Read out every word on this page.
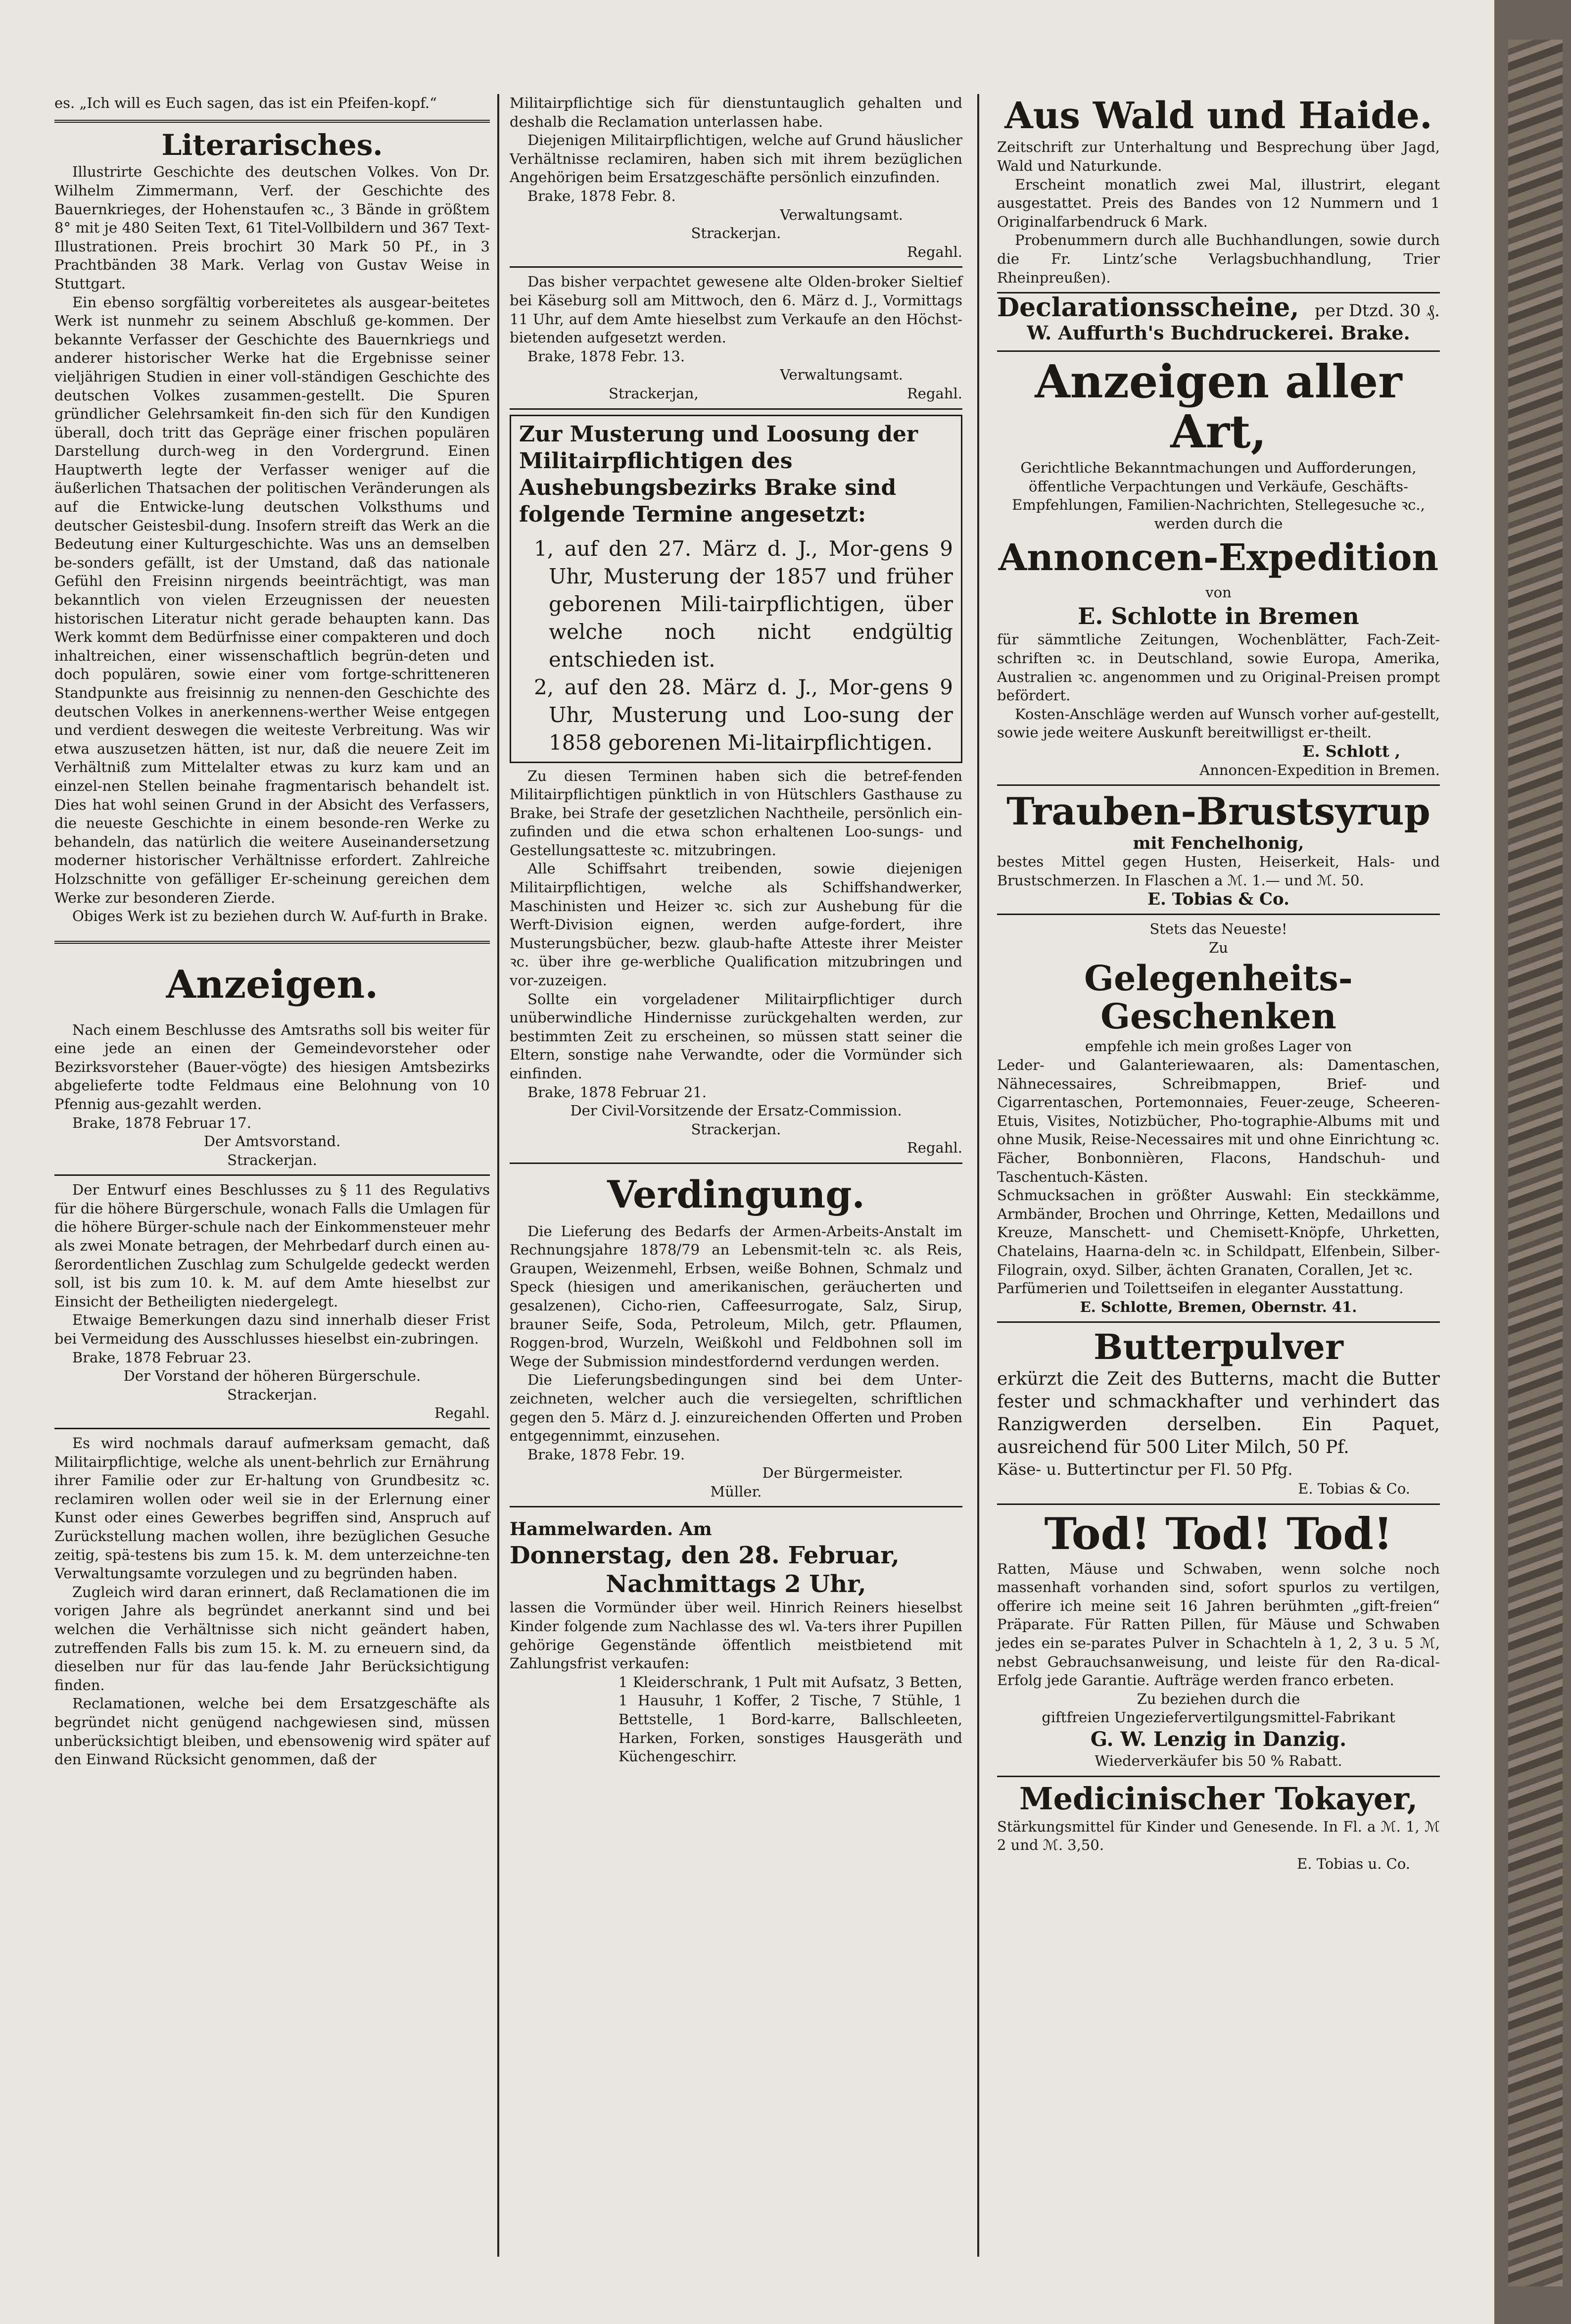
es. „Ich will es Euch sagen, das ist ein Pfeifen-kopf.“

Literarisches.

Illustrirte Geschichte des deutschen Volkes. Von Dr. Wilhelm Zimmermann, Verf. der Geschichte des Bauernkrieges, der Hohenstaufen ꝛc., 3 Bände in größtem 8° mit je 480 Seiten Text, 61 Titel-Vollbildern und 367 Text-Illustrationen. Preis brochirt 30 Mark 50 Pf., in 3 Prachtbänden 38 Mark. Verlag von Gustav Weise in Stuttgart.

Ein ebenso sorgfältig vorbereitetes als ausgear-beitetes Werk ist nunmehr zu seinem Abschluß ge-kommen. Der bekannte Verfasser der Geschichte des Bauernkriegs und anderer historischer Werke hat die Ergebnisse seiner vieljährigen Studien in einer voll-ständigen Geschichte des deutschen Volkes zusammen-gestellt. Die Spuren gründlicher Gelehrsamkeit fin-den sich für den Kundigen überall, doch tritt das Gepräge einer frischen populären Darstellung durch-weg in den Vordergrund. Einen Hauptwerth legte der Verfasser weniger auf die äußerlichen Thatsachen der politischen Veränderungen als auf die Entwicke-lung deutschen Volksthums und deutscher Geistesbil-dung. Insofern streift das Werk an die Bedeutung einer Kulturgeschichte. Was uns an demselben be-sonders gefällt, ist der Umstand, daß das nationale Gefühl den Freisinn nirgends beeinträchtigt, was man bekanntlich von vielen Erzeugnissen der neuesten historischen Literatur nicht gerade behaupten kann. Das Werk kommt dem Bedürfnisse einer compakteren und doch inhaltreichen, einer wissenschaftlich begrün-deten und doch populären, sowie einer vom fortge-schritteneren Standpunkte aus freisinnig zu nennen-den Geschichte des deutschen Volkes in anerkennens-werther Weise entgegen und verdient deswegen die weiteste Verbreitung. Was wir etwa auszusetzen hätten, ist nur, daß die neuere Zeit im Verhältniß zum Mittelalter etwas zu kurz kam und an einzel-nen Stellen beinahe fragmentarisch behandelt ist. Dies hat wohl seinen Grund in der Absicht des Verfassers, die neueste Geschichte in einem besonde-ren Werke zu behandeln, das natürlich die weitere Auseinandersetzung moderner historischer Verhältnisse erfordert. Zahlreiche Holzschnitte von gefälliger Er-scheinung gereichen dem Werke zur besonderen Zierde.

Obiges Werk ist zu beziehen durch W. Auf-furth in Brake.

Anzeigen.

Nach einem Beschlusse des Amtsraths soll bis weiter für eine jede an einen der Gemeindevorsteher oder Bezirksvorsteher (Bauer-vögte) des hiesigen Amtsbezirks abgelieferte todte Feldmaus eine Belohnung von 10 Pfennig aus-gezahlt werden.

Brake, 1878 Februar 17.

Der Amtsvorstand.

Strackerjan.

Der Entwurf eines Beschlusses zu § 11 des Regulativs für die höhere Bürgerschule, wonach Falls die Umlagen für die höhere Bürger-schule nach der Einkommensteuer mehr als zwei Monate betragen, der Mehrbedarf durch einen au-ßerordentlichen Zuschlag zum Schulgelde gedeckt werden soll, ist bis zum 10. k. M. auf dem Amte hieselbst zur Einsicht der Betheiligten niedergelegt.

Etwaige Bemerkungen dazu sind innerhalb dieser Frist bei Vermeidung des Ausschlusses hieselbst ein-zubringen.

Brake, 1878 Februar 23.

Der Vorstand der höheren Bürgerschule.

Strackerjan.

Regahl.

Es wird nochmals darauf aufmerksam gemacht, daß Militairpflichtige, welche als unent-behrlich zur Ernährung ihrer Familie oder zur Er-haltung von Grundbesitz ꝛc. reclamiren wollen oder weil sie in der Erlernung einer Kunst oder eines Gewerbes begriffen sind, Anspruch auf Zurückstellung machen wollen, ihre bezüglichen Gesuche zeitig, spä-testens bis zum 15. k. M. dem unterzeichne-ten Verwaltungsamte vorzulegen und zu begründen haben.

Zugleich wird daran erinnert, daß Reclamationen die im vorigen Jahre als begründet anerkannt sind und bei welchen die Verhältnisse sich nicht geändert haben, zutreffenden Falls bis zum 15. k. M. zu erneuern sind, da dieselben nur für das lau-fende Jahr Berücksichtigung finden.

Reclamationen, welche bei dem Ersatzgeschäfte als begründet nicht genügend nachgewiesen sind, müssen unberücksichtigt bleiben, und ebensowenig wird später auf den Einwand Rücksicht genommen, daß der

Militairpflichtige sich für dienstuntauglich gehalten und deshalb die Reclamation unterlassen habe.

Diejenigen Militairpflichtigen, welche auf Grund häuslicher Verhältnisse reclamiren, haben sich mit ihrem bezüglichen Angehörigen beim Ersatzgeschäfte persönlich einzufinden.

Brake, 1878 Febr. 8.

Verwaltungsamt.

Strackerjan.

Regahl.

Das bisher verpachtet gewesene alte Olden-broker Sieltief bei Käseburg soll am Mittwoch, den 6. März d. J., Vormittags 11 Uhr, auf dem Amte hieselbst zum Verkaufe an den Höchst-bietenden aufgesetzt werden.

Brake, 1878 Febr. 13.

Verwaltungsamt.

Strackerjan,	Regahl.

Zur Musterung und Loosung der Militairpflichtigen des Aushebungsbezirks Brake sind folgende Termine angesetzt:

1, auf den 27. März d. J., Mor-gens 9 Uhr, Musterung der 1857 und früher geborenen Mili-tairpflichtigen, über welche noch nicht endgültig entschieden ist.

2, auf den 28. März d. J., Mor-gens 9 Uhr, Musterung und Loo-sung der 1858 geborenen Mi-litairpflichtigen.

Zu diesen Terminen haben sich die betref-fenden Militairpflichtigen pünktlich in von Hütschlers Gasthause zu Brake, bei Strafe der gesetzlichen Nachtheile, persönlich ein-zufinden und die etwa schon erhaltenen Loo-sungs- und Gestellungsatteste ꝛc. mitzubringen.

Alle Schiffsahrt treibenden, sowie diejenigen Militairpflichtigen, welche als Schiffshandwerker, Maschinisten und Heizer ꝛc. sich zur Aushebung für die Werft-Division eignen, werden aufge-fordert, ihre Musterungsbücher, bezw. glaub-hafte Atteste ihrer Meister ꝛc. über ihre ge-werbliche Qualification mitzubringen und vor-zuzeigen.

Sollte ein vorgeladener Militairpflichtiger durch unüberwindliche Hindernisse zurückgehalten werden, zur bestimmten Zeit zu erscheinen, so müssen statt seiner die Eltern, sonstige nahe Verwandte, oder die Vormünder sich einfinden.

Brake, 1878 Februar 21.

Der Civil-Vorsitzende der Ersatz-Commission.

Strackerjan.

Regahl.

Verdingung.

Die Lieferung des Bedarfs der Armen-Arbeits-Anstalt im Rechnungsjahre 1878/79 an Lebensmit-teln ꝛc. als Reis, Graupen, Weizenmehl, Erbsen, weiße Bohnen, Schmalz und Speck (hiesigen und amerikanischen, geräucherten und gesalzenen), Cicho-rien, Caffeesurrogate, Salz, Sirup, brauner Seife, Soda, Petroleum, Milch, getr. Pflaumen, Roggen-brod, Wurzeln, Weißkohl und Feldbohnen soll im Wege der Submission mindestfordernd verdungen werden.

Die Lieferungsbedingungen sind bei dem Unter-zeichneten, welcher auch die versiegelten, schriftlichen gegen den 5. März d. J. einzureichenden Offerten und Proben entgegennimmt, einzusehen.

Brake, 1878 Febr. 19.

Der Bürgermeister.

Müller.

Hammelwarden. Am

Donnerstag, den 28. Februar,

Nachmittags 2 Uhr,

lassen die Vormünder über weil. Hinrich Reiners hieselbst Kinder folgende zum Nachlasse des wl. Va-ters ihrer Pupillen gehörige Gegenstände öffentlich meistbietend mit Zahlungsfrist verkaufen:

1 Kleiderschrank, 1 Pult mit Aufsatz, 3 Betten, 1 Hausuhr, 1 Koffer, 2 Tische, 7 Stühle, 1 Bettstelle, 1 Bord-karre, Ballschleeten, Harken, Forken, sonstiges Hausgeräth und Küchengeschirr.

Aus Wald und Haide.

Zeitschrift zur Unterhaltung und Besprechung über Jagd, Wald und Naturkunde.

Erscheint monatlich zwei Mal, illustrirt, elegant ausgestattet. Preis des Bandes von 12 Nummern und 1 Originalfarbendruck 6 Mark.

Probenummern durch alle Buchhandlungen, sowie durch die Fr. Lintz’sche Verlagsbuchhandlung, Trier Rheinpreußen).

Declarationsscheine, per Dtzd. 30 ₰.

W. Auffurth's Buchdruckerei. Brake.

Anzeigen aller Art,

Gerichtliche Bekanntmachungen und Aufforderungen, öffentliche Verpachtungen und Verkäufe, Geschäfts-Empfehlungen, Familien-Nachrichten, Stellegesuche ꝛc., werden durch die

Annoncen-Expedition

von

E. Schlotte in Bremen

für sämmtliche Zeitungen, Wochenblätter, Fach-Zeit-schriften ꝛc. in Deutschland, sowie Europa, Amerika, Australien ꝛc. angenommen und zu Original-Preisen prompt befördert.

Kosten-Anschläge werden auf Wunsch vorher auf-gestellt, sowie jede weitere Auskunft bereitwilligst er-theilt.

E. Schlott ,

Annoncen-Expedition in Bremen.

Trauben-Brustsyrup

mit Fenchelhonig,

bestes Mittel gegen Husten, Heiserkeit, Hals- und Brustschmerzen. In Flaschen a ℳ. 1.— und ℳ. 50.

E. Tobias & Co.

Stets das Neueste!

Zu

Gelegenheits-Geschenken

empfehle ich mein großes Lager von

Leder- und Galanteriewaaren, als: Damentaschen, Nähnecessaires, Schreibmappen, Brief- und Cigarrentaschen, Portemonnaies, Feuer-zeuge, Scheeren-Etuis, Visites, Notizbücher, Pho-tographie-Albums mit und ohne Musik, Reise-Necessaires mit und ohne Einrichtung ꝛc.

Fächer, Bonbonnièren, Flacons, Handschuh- und Taschentuch-Kästen.

Schmucksachen in größter Auswahl: Ein steckkämme, Armbänder, Brochen und Ohrringe, Ketten, Medaillons und Kreuze, Manschett- und Chemisett-Knöpfe, Uhrketten, Chatelains, Haarna-deln ꝛc. in Schildpatt, Elfenbein, Silber-Filograin, oxyd. Silber, ächten Granaten, Corallen, Jet ꝛc.

Parfümerien und Toilettseifen in eleganter Ausstattung.

E. Schlotte, Bremen, Obernstr. 41.

Butterpulver

erkürzt die Zeit des Butterns, macht die Butter fester und schmackhafter und verhindert das Ranzigwerden derselben. Ein Paquet, ausreichend für 500 Liter Milch, 50 Pf.

Käse- u. Buttertinctur per Fl. 50 Pfg.

E. Tobias & Co.

Tod! Tod! Tod!

Ratten, Mäuse und Schwaben, wenn solche noch massenhaft vorhanden sind, sofort spurlos zu vertilgen, offerire ich meine seit 16 Jahren berühmten „gift-freien“ Präparate. Für Ratten Pillen, für Mäuse und Schwaben jedes ein se-parates Pulver in Schachteln à 1, 2, 3 u. 5 ℳ, nebst Gebrauchsanweisung, und leiste für den Ra-dical-Erfolg jede Garantie. Aufträge werden franco erbeten.

Zu beziehen durch die

giftfreien Ungeziefervertilgungsmittel-Fabrikant

G. W. Lenzig in Danzig.

Wiederverkäufer bis 50 % Rabatt.

Medicinischer Tokayer,

Stärkungsmittel für Kinder und Genesende. In Fl. a ℳ. 1, ℳ 2 und ℳ. 3,50.

E. Tobias u. Co.
